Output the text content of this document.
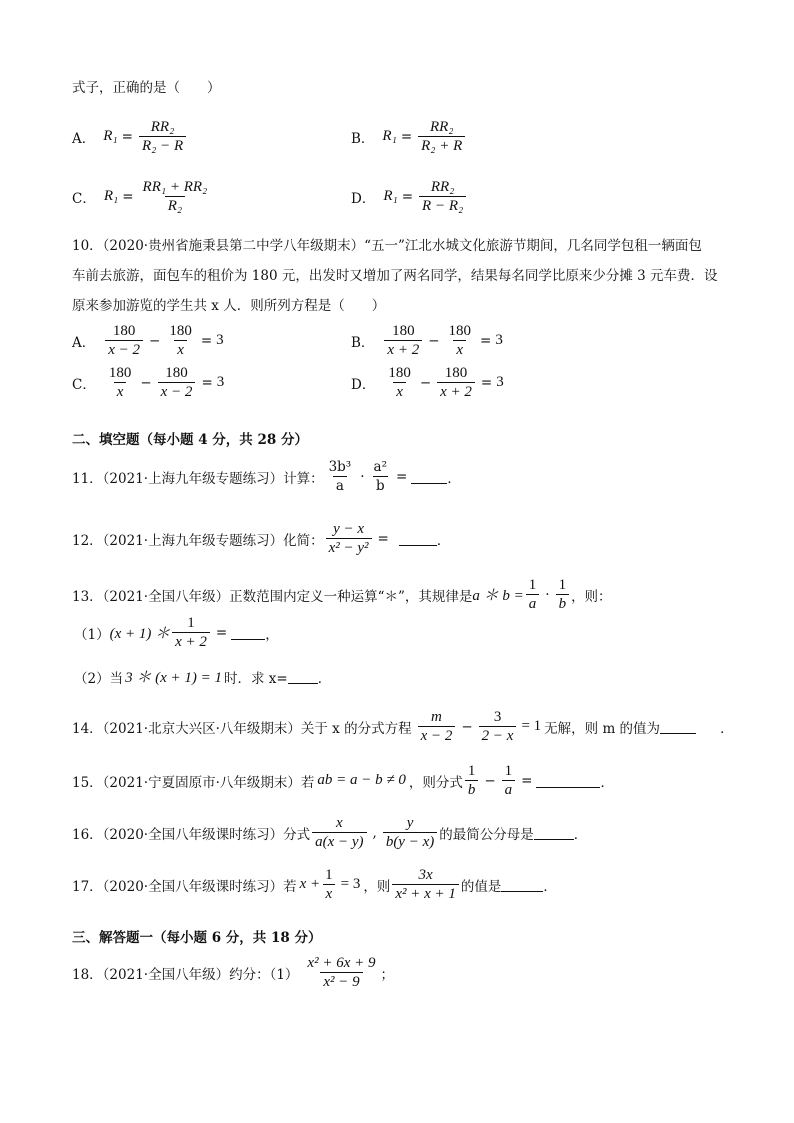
式子，正确的是（　　）
A． $R_1 = \frac{\text{RR₂}}{\text{R₂ − R}}$	B． $R_1 = \frac{\text{RR₂}}{\text{R₂ + R}}$
C． $R_1 = \frac{\text{RR₁ + RR₂}}{\text{R₂}}$	D． $R_1 = \frac{\text{RR₂}}{\text{R − R₂}}$
10．（2020·贵州省施秉县第二中学八年级期末）“五一”江北水城文化旅游节期间，几名同学包租一辆面包
车前去旅游，面包车的租价为 180 元，出发时又增加了两名同学，结果每名同学比原来少分摊 3 元车费．设
原来参加游览的学生共 x 人．则所列方程是（　　）
A． $\frac{180}{x - 2} - \frac{180}{x} = 3$	B． $\frac{180}{x + 2} - \frac{180}{x} = 3$
C． $\frac{180}{x} - \frac{180}{x - 2} = 3$	D． $\frac{180}{x} - \frac{180}{x + 2} = 3$
二、填空题（每小题 4 分，共 28 分）
11．（2021·上海九年级专题练习）计算： $\frac{\text{3b³}}{a} \cdot \frac{\text{a²}}{b}$ =	．
12．（2021·上海九年级专题练习）化简： $\frac{y - x}{\text{x² − y²}}$ =	．
13．（2021·全国八年级）正数范围内定义一种运算“＊”，其规律是 a ＊ $b = \frac{1}{a} \cdot \frac{1}{b}$ ，则：
（1） (x + 1) ＊ $\frac{1}{x + 2}$ =	，
（2）当 3 ＊ (x + 1) = 1 时．求 x= ．
14．（2021·北京大兴区·八年级期末）关于 x 的分式方程 $\frac{m}{x - 2} - \frac{3}{2 - x} = 1$ 无解，则 m 的值为	．
15．（2021·宁夏固原市·八年级期末）若 ab = a − b ≠ 0 ，则分式 $\frac{1}{b} - \frac{1}{a}$ =	．
16．（2020·全国八年级课时练习）分式 $\frac{x}{a(x - y)}$ , $\frac{y}{b(y - x)}$ 的最简公分母是	．
17．（2020·全国八年级课时练习）若 $x + \frac{1}{x} = 3$ ，则 $\frac{3x}{\text{x² + x + 1}}$ 的值是	．
三、解答题一（每小题 6 分，共 18 分）
18．（2021·全国八年级）约分：$(1) \frac{\text{x² + 6x + 9}}{\text{x² − 9}}$ ；
